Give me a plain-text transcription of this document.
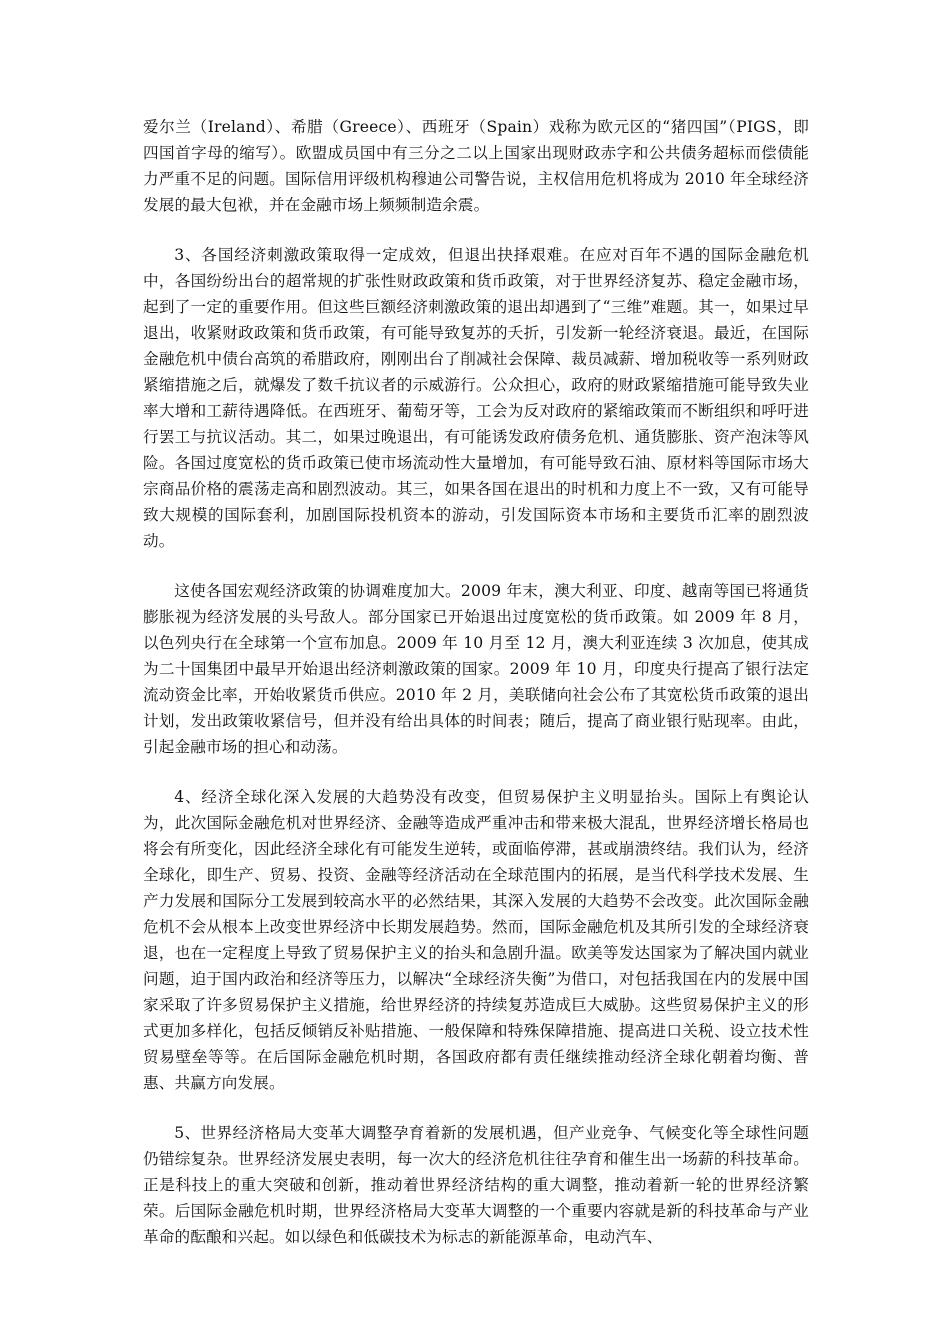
爱尔兰（Ireland）、希腊（Greece）、西班牙（Spain）戏称为欧元区的“猪四国”（PIGS，即四国首字母的缩写）。欧盟成员国中有三分之二以上国家出现财政赤字和公共债务超标而偿债能力严重不足的问题。国际信用评级机构穆迪公司警告说，主权信用危机将成为 2010 年全球经济发展的最大包袱，并在金融市场上频频制造余震。

3、各国经济刺激政策取得一定成效，但退出抉择艰难。在应对百年不遇的国际金融危机中，各国纷纷出台的超常规的扩张性财政政策和货币政策，对于世界经济复苏、稳定金融市场，起到了一定的重要作用。但这些巨额经济刺激政策的退出却遇到了“三维”难题。其一，如果过早退出，收紧财政政策和货币政策，有可能导致复苏的夭折，引发新一轮经济衰退。最近，在国际金融危机中债台高筑的希腊政府，刚刚出台了削减社会保障、裁员减薪、增加税收等一系列财政紧缩措施之后，就爆发了数千抗议者的示威游行。公众担心，政府的财政紧缩措施可能导致失业率大增和工薪待遇降低。在西班牙、葡萄牙等，工会为反对政府的紧缩政策而不断组织和呼吁进行罢工与抗议活动。其二，如果过晚退出，有可能诱发政府债务危机、通货膨胀、资产泡沫等风险。各国过度宽松的货币政策已使市场流动性大量增加，有可能导致石油、原材料等国际市场大宗商品价格的震荡走高和剧烈波动。其三，如果各国在退出的时机和力度上不一致，又有可能导致大规模的国际套利，加剧国际投机资本的游动，引发国际资本市场和主要货币汇率的剧烈波动。

这使各国宏观经济政策的协调难度加大。2009 年末，澳大利亚、印度、越南等国已将通货膨胀视为经济发展的头号敌人。部分国家已开始退出过度宽松的货币政策。如 2009 年 8 月，以色列央行在全球第一个宣布加息。2009 年 10 月至 12 月，澳大利亚连续 3 次加息，使其成为二十国集团中最早开始退出经济刺激政策的国家。2009 年 10 月，印度央行提高了银行法定流动资金比率，开始收紧货币供应。2010 年 2 月，美联储向社会公布了其宽松货币政策的退出计划，发出政策收紧信号，但并没有给出具体的时间表；随后，提高了商业银行贴现率。由此，引起金融市场的担心和动荡。

4、经济全球化深入发展的大趋势没有改变，但贸易保护主义明显抬头。国际上有舆论认为，此次国际金融危机对世界经济、金融等造成严重冲击和带来极大混乱，世界经济增长格局也将会有所变化，因此经济全球化有可能发生逆转，或面临停滞，甚或崩溃终结。我们认为，经济全球化，即生产、贸易、投资、金融等经济活动在全球范围内的拓展，是当代科学技术发展、生产力发展和国际分工发展到较高水平的必然结果，其深入发展的大趋势不会改变。此次国际金融危机不会从根本上改变世界经济中长期发展趋势。然而，国际金融危机及其所引发的全球经济衰退，也在一定程度上导致了贸易保护主义的抬头和急剧升温。欧美等发达国家为了解决国内就业问题，迫于国内政治和经济等压力，以解决“全球经济失衡”为借口，对包括我国在内的发展中国家采取了许多贸易保护主义措施，给世界经济的持续复苏造成巨大威胁。这些贸易保护主义的形式更加多样化，包括反倾销反补贴措施、一般保障和特殊保障措施、提高进口关税、设立技术性贸易壁垒等等。在后国际金融危机时期，各国政府都有责任继续推动经济全球化朝着均衡、普惠、共赢方向发展。

5、世界经济格局大变革大调整孕育着新的发展机遇，但产业竞争、气候变化等全球性问题仍错综复杂。世界经济发展史表明，每一次大的经济危机往往孕育和催生出一场薪的科技革命。正是科技上的重大突破和创新，推动着世界经济结构的重大调整，推动着新一轮的世界经济繁荣。后国际金融危机时期，世界经济格局大变革大调整的一个重要内容就是新的科技革命与产业革命的酝酿和兴起。如以绿色和低碳技术为标志的新能源革命，电动汽车、
